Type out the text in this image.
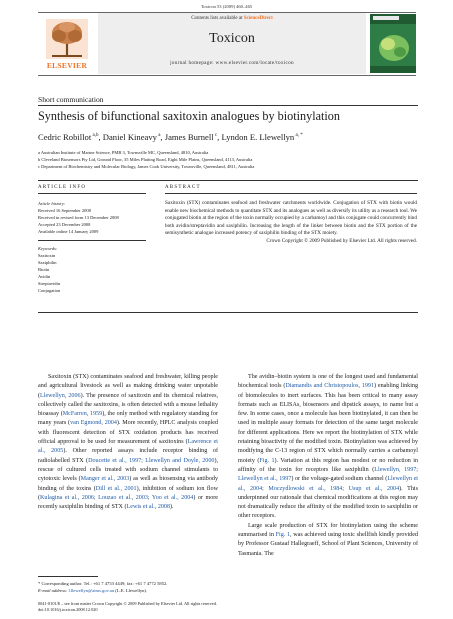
Toxicon 53 (2009) 460–465
ELSEVIER
Contents lists available at ScienceDirect
Toxicon
journal homepage: www.elsevier.com/locate/toxicon
Short communication
Synthesis of bifunctional saxitoxin analogues by biotinylation
Cedric Robillot $^{a,b}$, Daniel Kineavy $^a$, James Burnell $^c$, Lyndon E. Llewellyn $^{a, *}$
a Australian Institute of Marine Science, PMB 3, Townsville MC, Queensland, 4810, Australia
b Cleveland Biosensors Pty Ltd, Ground Floor, 35 Miles Platting Road, Eight Mile Plains, Queensland, 4113, Australia
c Department of Biochemistry and Molecular Biology, James Cook University, Townsville, Queensland, 4811, Australia
ARTICLE INFO	ABSTRACT
Article history:
Received 16 September 2008
Received in revised form 13 December 2008
Accepted 23 December 2008
Available online 14 January 2009
Keywords:
Saxitoxin
Saxiphilin
Biotin
Avidin
Streptavidin
Conjugation
Saxitoxin (STX) contaminates seafood and freshwater catchments worldwide. Conjugation of STX with biotin would enable new biochemical methods to quantitate STX and its analogues as well as diversify its utility as a research tool. We conjugated biotin at the region of the toxin normally occupied by a carbamoyl and this conjugate could concurrently bind both avidin/streptavidin and saxiphilin. Increasing the length of the linker between biotin and the STX portion of the semisynthetic analogue increased potency of saxiphilin binding of the STX moiety.
Crown Copyright © 2009 Published by Elsevier Ltd. All rights reserved.

Saxitoxin (STX) contaminates seafood and freshwater, killing people and agricultural livestock as well as making drinking water unpotable (Llewellyn, 2006). The presence of saxitoxin and its chemical relatives, collectively called the saxitoxins, is often detected with a mouse lethality bioassay (McFarren, 1959), the only method with regulatory standing for many years (van Egmond, 2004). More recently, HPLC analysis coupled with fluorescent detection of STX oxidation products has received official approval to be used for measurement of saxitoxins (Lawrence et al., 2005). Other reported assays include receptor binding of radiolabelled STX (Doucette et al., 1997; Llewellyn and Doyle, 2000), rescue of cultured cells treated with sodium channel stimulants to cytotoxic levels (Manger et al., 2003) as well as biosensing via antibody binding of the toxins (Dill et al., 2001), inhibition of sodium ion flow (Kulagina et al., 2006; Louzao et al., 2003; Yoo et al., 2004) or more recently saxiphilin binding of STX (Lewis et al., 2008).

The avidin–biotin system is one of the longest used and fundamental biochemical tools (Diamandis and Christopoulos, 1991) enabling linking of biomolecules to inert surfaces. This has been critical to many assay formats such as ELISAs, biosensors and dipstick assays, to name but a few. In some cases, once a molecule has been biotinylated, it can then be used in multiple assay formats for detection of the same target molecule for different applications. Here we report the biotinylation of STX while retaining bioactivity of the modified toxin. Biotinylation was achieved by modifying the C-13 region of STX which normally carries a carbamoyl moiety (Fig. 1). Variation at this region has modest or no reduction in affinity of the toxin for receptors like saxiphilin (Llewellyn, 1997; Llewellyn et al., 1997) or the voltage-gated sodium channel (Llewellyn et al., 2004; Moczydlowski et al., 1984; Usup et al., 2004). This underpinned our rationale that chemical modifications at this region may not dramatically reduce the affinity of the modified toxin to saxiphilin or other receptors.

Large scale production of STX for biotinylation using the scheme summarised in Fig. 1, was achieved using toxic shellfish kindly provided by Professor Gustaaf Hallegraeff, School of Plant Sciences, University of Tasmania. The

* Corresponding author. Tel.: +61 7 4753 4449; fax: +61 7 4772 5852.
E-mail address: l.llewellyn@aims.gov.au (L.E. Llewellyn).
0041-0101/$ – see front matter Crown Copyright © 2009 Published by Elsevier Ltd. All rights reserved.
doi:10.1016/j.toxicon.2008.12.020
